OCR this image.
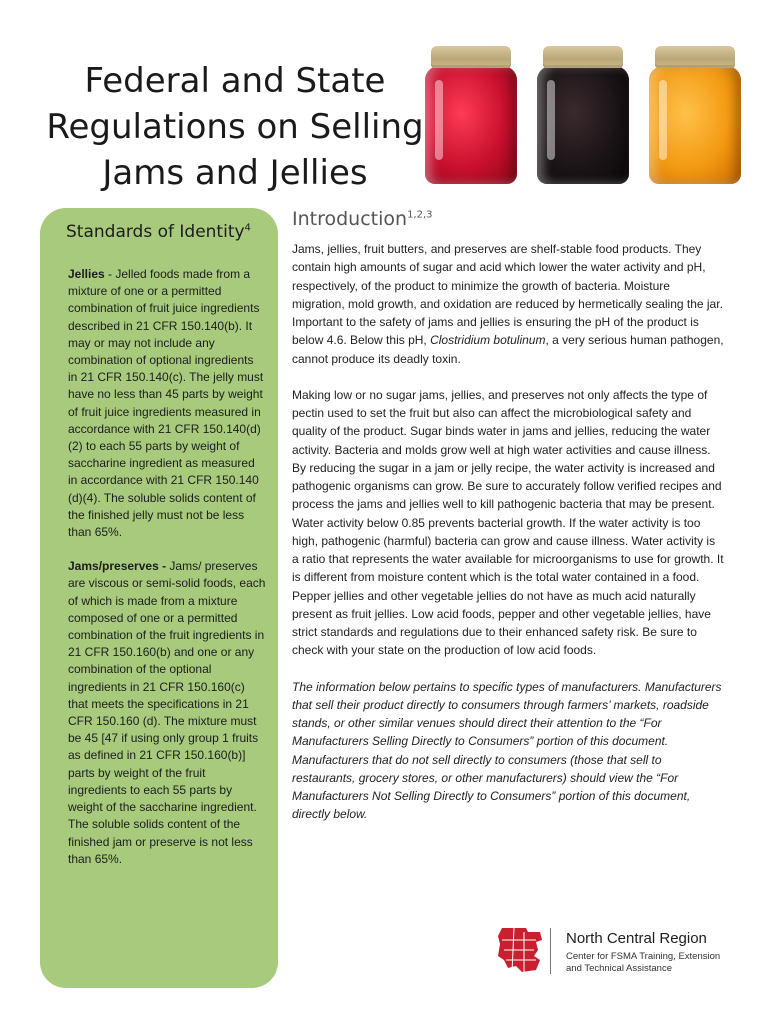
Federal and State
Regulations on Selling
Jams and Jellies
Standards of Identity$^4$

Jellies - Jelled foods made from a mixture of one or a permitted combination of fruit juice ingredients described in 21 CFR 150.140(b). It may or may not include any combination of optional ingredients in 21 CFR 150.140(c). The jelly must have no less than 45 parts by weight of fruit juice ingredients measured in accordance with 21 CFR 150.140(d)(2) to each 55 parts by weight of saccharine ingredient as measured in accordance with 21 CFR 150.140 (d)(4). The soluble solids content of the finished jelly must not be less than 65%.

Jams/preserves - Jams/ preserves are viscous or semi-solid foods, each of which is made from a mixture composed of one or a permitted combination of the fruit ingredients in 21 CFR 150.160(b) and one or any combination of the optional ingredients in 21 CFR 150.160(c) that meets the specifications in 21 CFR 150.160 (d). The mixture must be 45 [47 if using only group 1 fruits as defined in 21 CFR 150.160(b)] parts by weight of the fruit ingredients to each 55 parts by weight of the saccharine ingredient. The soluble solids content of the finished jam or preserve is not less than 65%.

Introduction$^{1,2,3}$

Jams, jellies, fruit butters, and preserves are shelf-stable food products. They contain high amounts of sugar and acid which lower the water activity and pH, respectively, of the product to minimize the growth of bacteria. Moisture migration, mold growth, and oxidation are reduced by hermetically sealing the jar. Important to the safety of jams and jellies is ensuring the pH of the product is below 4.6. Below this pH, Clostridium botulinum, a very serious human pathogen, cannot produce its deadly toxin.

Making low or no sugar jams, jellies, and preserves not only affects the type of pectin used to set the fruit but also can affect the microbiological safety and quality of the product. Sugar binds water in jams and jellies, reducing the water activity. Bacteria and molds grow well at high water activities and cause illness. By reducing the sugar in a jam or jelly recipe, the water activity is increased and pathogenic organisms can grow. Be sure to accurately follow verified recipes and process the jams and jellies well to kill pathogenic bacteria that may be present. Water activity below 0.85 prevents bacterial growth. If the water activity is too high, pathogenic (harmful) bacteria can grow and cause illness. Water activity is a ratio that represents the water available for microorganisms to use for growth. It is different from moisture content which is the total water contained in a food. Pepper jellies and other vegetable jellies do not have as much acid naturally present as fruit jellies. Low acid foods, pepper and other vegetable jellies, have strict standards and regulations due to their enhanced safety risk. Be sure to check with your state on the production of low acid foods.

The information below pertains to specific types of manufacturers. Manufacturers that sell their product directly to consumers through farmers’ markets, roadside stands, or other similar venues should direct their attention to the “For Manufacturers Selling Directly to Consumers” portion of this document. Manufacturers that do not sell directly to consumers (those that sell to restaurants, grocery stores, or other manufacturers) should view the “For Manufacturers Not Selling Directly to Consumers” portion of this document, directly below.

North Central Region
Center for FSMA Training, Extension
and Technical Assistance
